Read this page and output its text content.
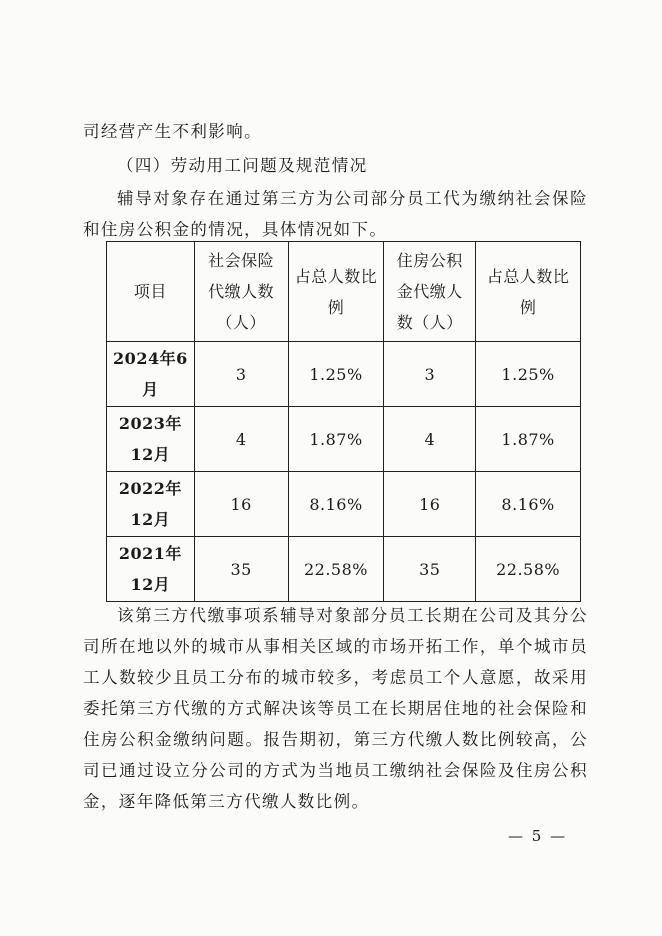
司经营产生不利影响。

（四）劳动用工问题及规范情况

辅导对象存在通过第三方为公司部分员工代为缴纳社会保险和住房公积金的情况，具体情况如下。

项目	社会保险代缴人数（人）	占总人数比例	住房公积金代缴人数（人）	占总人数比例
2024年6月	3	1.25%	3	1.25%
2023年12月	4	1.87%	4	1.87%
2022年12月	16	8.16%	16	8.16%
2021年12月	35	22.58%	35	22.58%

该第三方代缴事项系辅导对象部分员工长期在公司及其分公司所在地以外的城市从事相关区域的市场开拓工作，单个城市员工人数较少且员工分布的城市较多，考虑员工个人意愿，故采用委托第三方代缴的方式解决该等员工在长期居住地的社会保险和住房公积金缴纳问题。报告期初，第三方代缴人数比例较高，公司已通过设立分公司的方式为当地员工缴纳社会保险及住房公积金，逐年降低第三方代缴人数比例。

— 5 —
